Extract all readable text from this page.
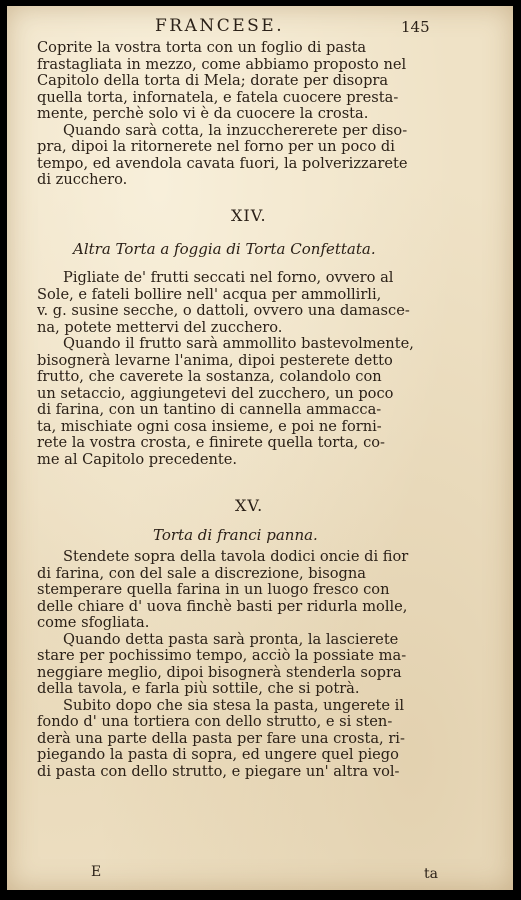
FRANCESE.	145
Coprite la vostra torta con un foglio di pasta
frastagliata in mezzo, come abbiamo proposto nel
Capitolo della torta di Mela; dorate per disopra
quella torta, infornatela, e fatela cuocere presta-
mente, perchè solo vi è da cuocere la crosta.
Quando sarà cotta, la inzucchererete per diso-
pra, dipoi la ritornerete nel forno per un poco di
tempo, ed avendola cavata fuori, la polverizzarete
di zucchero.
XIV.
Altra Torta a foggia di Torta Confettata.
Pigliate de' frutti seccati nel forno, ovvero al
Sole, e fateli bollire nell' acqua per ammollirli,
v. g. susine secche, o dattoli, ovvero una damasce-
na, potete mettervi del zucchero.
Quando il frutto sarà ammollito bastevolmente,
bisognerà levarne l'anima, dipoi pesterete detto
frutto, che caverete la sostanza, colandolo con
un setaccio, aggiungetevi del zucchero, un poco
di farina, con un tantino di cannella ammacca-
ta, mischiate ogni cosa insieme, e poi ne forni-
rete la vostra crosta, e finirete quella torta, co-
me al Capitolo precedente.
XV.
Torta di franci panna.
Stendete sopra della tavola dodici oncie di fior
di farina, con del sale a discrezione, bisogna
stemperare quella farina in un luogo fresco con
delle chiare d' uova finchè basti per ridurla molle,
come sfogliata.
Quando detta pasta sarà pronta, la lascierete
stare per pochissimo tempo, acciò la possiate ma-
neggiare meglio, dipoi bisognerà stenderla sopra
della tavola, e farla più sottile, che si potrà.
Subito dopo che sia stesa la pasta, ungerete il
fondo d' una tortiera con dello strutto, e si sten-
derà una parte della pasta per fare una crosta, ri-
piegando la pasta di sopra, ed ungere quel piego
di pasta con dello strutto, e piegare un' altra vol-
E	ta
